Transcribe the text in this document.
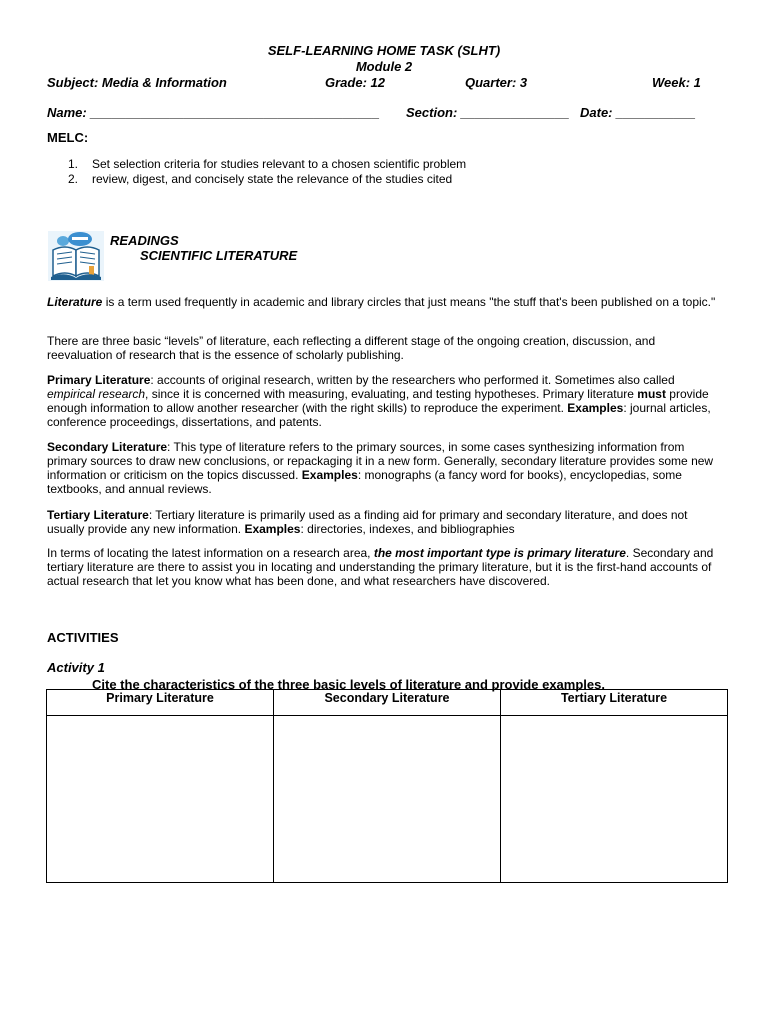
SELF-LEARNING HOME TASK (SLHT)
Module 2
Subject: Media & Information	Grade: 12	Quarter: 3	Week: 1
Name: ________________________________________ Section: _______________ Date: ___________
MELC:
1. Set selection criteria for studies relevant to a chosen scientific problem
2. review, digest, and concisely state the relevance of the studies cited
READINGS
SCIENTIFIC LITERATURE

Literature is a term used frequently in academic and library circles that just means "the stuff that's been published on a topic."

There are three basic “levels” of literature, each reflecting a different stage of the ongoing creation, discussion, and reevaluation of research that is the essence of scholarly publishing.

Primary Literature: accounts of original research, written by the researchers who performed it. Sometimes also called empirical research, since it is concerned with measuring, evaluating, and testing hypotheses. Primary literature must provide enough information to allow another researcher (with the right skills) to reproduce the experiment. Examples: journal articles, conference proceedings, dissertations, and patents.

Secondary Literature: This type of literature refers to the primary sources, in some cases synthesizing information from primary sources to draw new conclusions, or repackaging it in a new form. Generally, secondary literature provides some new information or criticism on the topics discussed. Examples: monographs (a fancy word for books), encyclopedias, some textbooks, and annual reviews.

Tertiary Literature: Tertiary literature is primarily used as a finding aid for primary and secondary literature, and does not usually provide any new information. Examples: directories, indexes, and bibliographies

In terms of locating the latest information on a research area, the most important type is primary literature. Secondary and tertiary literature are there to assist you in locating and understanding the primary literature, but it is the first-hand accounts of actual research that let you know what has been done, and what researchers have discovered.

ACTIVITIES
Activity 1
Cite the characteristics of the three basic levels of literature and provide examples.
Primary Literature	Secondary Literature	Tertiary Literature
